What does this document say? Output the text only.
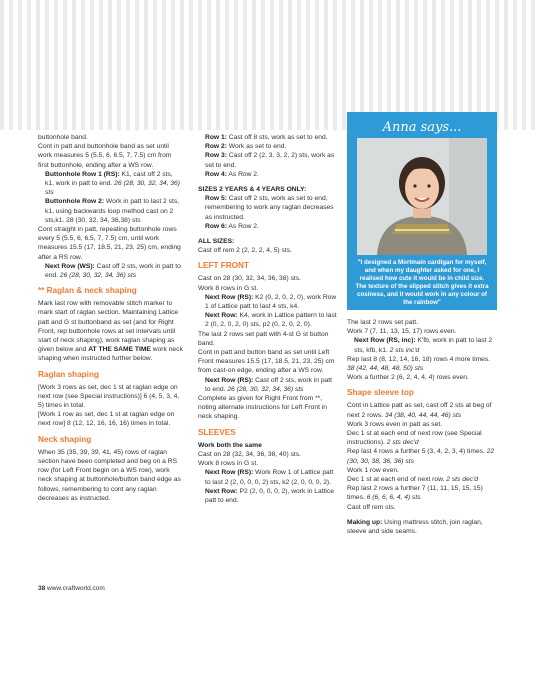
buttonhole band.

Cont in patt and buttonhole band as set until work measures 5 (5.5, 6, 6.5, 7, 7.5) cm from first buttonhole, ending after a WS row.

Buttonhole Row 1 (RS): K1, cast off 2 sts, k1, work in patt to end. 26 (28, 30, 32, 34, 36) sts

Buttonhole Row 2: Work in patt to last 2 sts, k1, using backwards loop method cast on 2 sts,k1. 28 (30, 32, 34, 36,38) sts

Cont straight in patt, repeating buttonhole rows every 5 (5.5, 6, 6.5, 7, 7.5) cm, until work measures 15.5 (17, 18.5, 21, 23, 25) cm, ending after a RS row.

Next Row (WS): Cast off 2 sts, work in patt to end. 26 (28, 30, 32, 34, 36) sts

** Raglan & neck shaping

Mark last row with removable stitch marker to mark start of raglan section. Maintaining Lattice patt and G st buttonband as set (and for Right Front, rep buttonhole rows at set intervals until start of neck shaping), work raglan shaping as given below and AT THE SAME TIME work neck shaping when instructed further below.

Raglan shaping

[Work 3 rows as set, dec 1 st at raglan edge on next row (see Special instructions)] 6 (4, 5, 3, 4, 5) times in total.

[Work 1 row as set, dec 1 st at raglan edge on next row] 8 (12, 12, 16, 16, 16) times in total.

Neck shaping

When 35 (35, 39, 39, 41, 45) rows of raglan section have been completed and beg on a RS row (for Left Front begin on a WS row), work neck shaping at buttonhole/button band edge as follows, remembering to cont any raglan decreases as instructed.

Row 1: Cast off 8 sts, work as set to end.

Row 2: Work as set to end.

Row 3: Cast off 2 (2, 3, 3, 2, 2) sts, work as set to end.

Row 4: As Row 2.

SIZES 2 YEARS & 4 YEARS ONLY:

Row 5: Cast off 2 sts, work as set to end, remembering to work any raglan decreases as instructed.

Row 6: As Row 2.

ALL SIZES:

Cast off rem 2 (2, 2, 2, 4, 5) sts.

LEFT FRONT

Cast on 28 (30, 32, 34, 36, 38) sts.

Work 8 rows in G st.

Next Row (RS): K2 (0, 2, 0, 2, 0), work Row 1 of Lattice patt to last 4 sts, k4.

Next Row: K4, work in Lattice pattern to last 2 (0, 2, 0, 2, 0) sts, p2 (0, 2, 0, 2, 0).

The last 2 rows set patt with 4-st G st button band.

Cont in patt and button band as set until Left Front measures 15.5 (17, 18.5, 21, 23, 25) cm from cast-on edge, ending after a WS row.

Next Row (RS): Cast off 2 sts, work in patt to end. 26 (28, 30, 32, 34, 36) sts

Complete as given for Right Front from **, noting alternate instructions for Left Front in neck shaping.

SLEEVES

Work both the same

Cast on 28 (32, 34, 36, 38, 40) sts.

Work 8 rows in G st.

Next Row (RS): Work Row 1 of Lattice patt to last 2 (2, 0, 0, 0, 2) sts, k2 (2, 0, 0, 0, 2).

Next Row: P2 (2, 0, 0, 0, 2), work in Lattice patt to end.

Anna says...
"I designed a Mortmain cardigan for myself, and when my daughter asked for one, I realised how cute it would be in child size. The texture of the slipped stitch gives it extra cosiness, and it would work in any colour of the rainbow"

The last 2 rows set patt.

Work 7 (7, 11, 13, 15, 17) rows even.

Next Row (RS, inc): K'fb, work in patt to last 2 sts, kfb, k1. 2 sts inc'd

Rep last 8 (8, 12, 14, 16, 18) rows 4 more times. 38 (42, 44, 48, 48, 50) sts

Work a further 2 (6, 2, 4, 4, 4) rows even.

Shape sleeve top

Cont in Lattice patt as set, cast off 2 sts at beg of next 2 rows. 34 (38, 40, 44, 44, 46) sts

Work 3 rows even in patt as set.

Dec 1 st at each end of next row (see Special instructions). 2 sts dec'd

Rep last 4 rows a further 5 (3, 4, 2, 3, 4) times. 22 (30, 30, 38, 36, 36) sts

Work 1 row even.

Dec 1 st at each end of next row. 2 sts dec'd

Rep last 2 rows a further 7 (11, 11, 15, 15, 15) times. 6 (6, 6, 6, 4, 4) sts

Cast off rem sts.

Making up: Using mattress stitch, join raglan, sleeve and side seams.

38 www.craftworld.com
